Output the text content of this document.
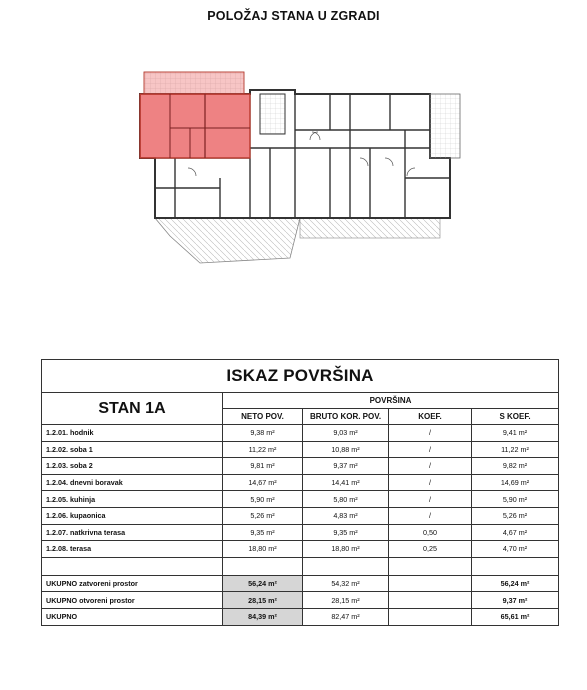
POLOŽAJ STANA U ZGRADI
ISKAZ POVRŠINA				
STAN 1A	POVRŠINA			
	NETO POV.	BRUTO KOR. POV.	KOEF.	S KOEF.
1.2.01. hodnik	9,38 m²	9,03 m²	/	9,41 m²
1.2.02. soba 1	11,22 m²	10,88 m²	/	11,22 m²
1.2.03. soba 2	9,81 m²	9,37 m²	/	9,82 m²
1.2.04. dnevni boravak	14,67 m²	14,41 m²	/	14,69 m²
1.2.05. kuhinja	5,90 m²	5,80 m²	/	5,90 m²
1.2.06. kupaonica	5,26 m²	4,83 m²	/	5,26 m²
1.2.07. natkrivna terasa	9,35 m²	9,35 m²	0,50	4,67 m²
1.2.08. terasa	18,80 m²	18,80 m²	0,25	4,70 m²

UKUPNO zatvoreni prostor	56,24 m²	54,32 m²		56,24 m²
UKUPNO otvoreni prostor	28,15 m²	28,15 m²		9,37 m²
UKUPNO	84,39 m²	82,47 m²		65,61 m²
